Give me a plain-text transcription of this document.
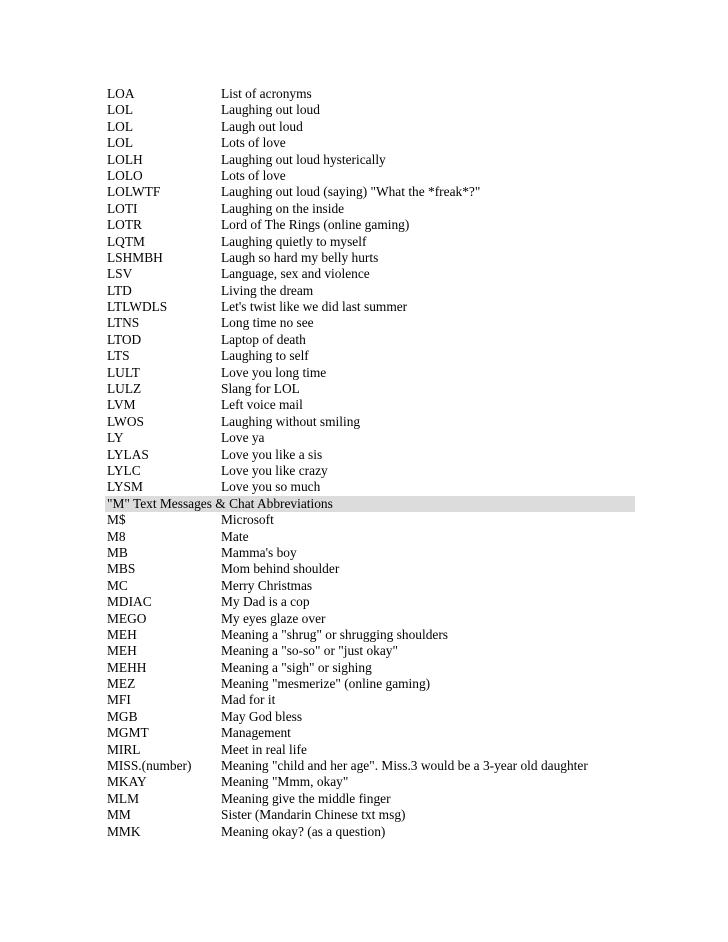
LOA	List of acronyms
LOL	Laughing out loud
LOL	Laugh out loud
LOL	Lots of love
LOLH	Laughing out loud hysterically
LOLO	Lots of love
LOLWTF	Laughing out loud (saying) "What the *freak*?"
LOTI	Laughing on the inside
LOTR	Lord of The Rings (online gaming)
LQTM	Laughing quietly to myself
LSHMBH	Laugh so hard my belly hurts
LSV	Language, sex and violence
LTD	Living the dream
LTLWDLS	Let's twist like we did last summer
LTNS	Long time no see
LTOD	Laptop of death
LTS	Laughing to self
LULT	Love you long time
LULZ	Slang for LOL
LVM	Left voice mail
LWOS	Laughing without smiling
LY	Love ya
LYLAS	Love you like a sis
LYLC	Love you like crazy
LYSM	Love you so much
"M" Text Messages & Chat Abbreviations
M$	Microsoft
M8	Mate
MB	Mamma's boy
MBS	Mom behind shoulder
MC	Merry Christmas
MDIAC	My Dad is a cop
MEGO	My eyes glaze over
MEH	Meaning a "shrug" or shrugging shoulders
MEH	Meaning a "so-so" or "just okay"
MEHH	Meaning a "sigh" or sighing
MEZ	Meaning "mesmerize" (online gaming)
MFI	Mad for it
MGB	May God bless
MGMT	Management
MIRL	Meet in real life
MISS.(number) Meaning "child and her age". Miss.3 would be a 3-year old daughter
MKAY	Meaning "Mmm, okay"
MLM	Meaning give the middle finger
MM	Sister (Mandarin Chinese txt msg)
MMK	Meaning okay? (as a question)
